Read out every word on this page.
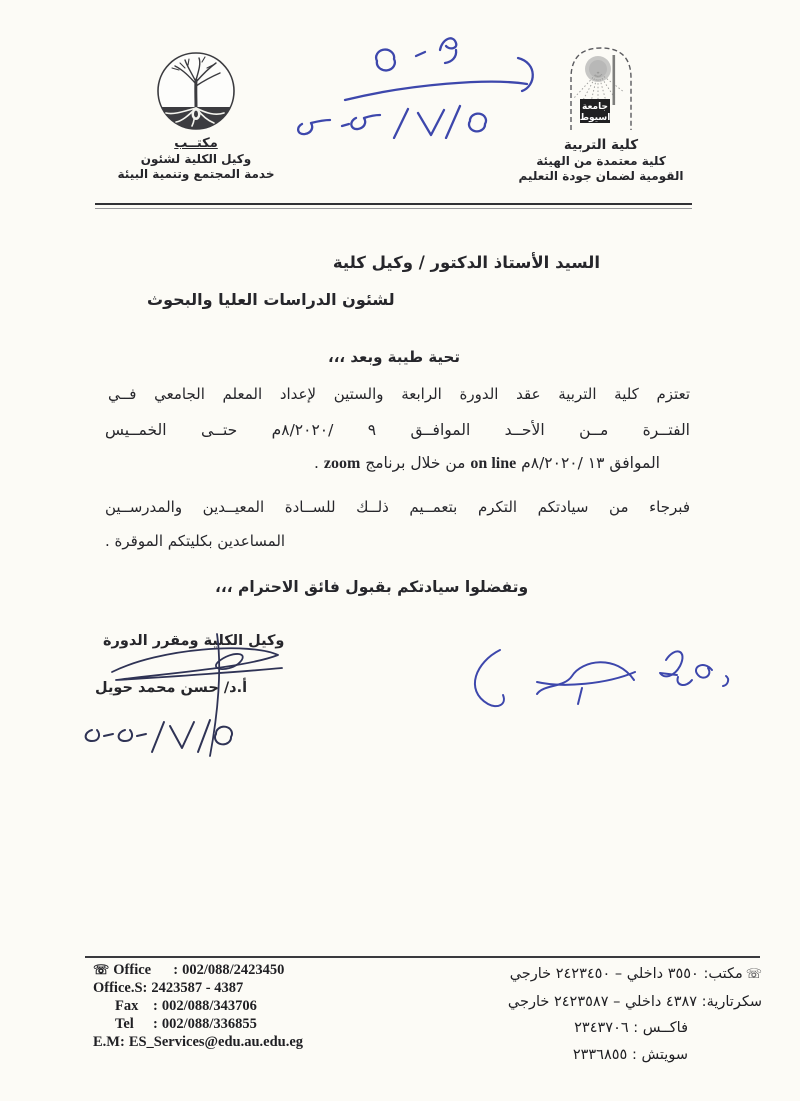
مكتــب
وكيل الكلية لشئون
خدمة المجتمع وتنمية البيئة
جامعة
اسيوط
كلية التربية
كلية معتمدة من الهيئة
القومية لضمان جودة التعليم
السيد الأستاذ الدكتور / وكيل كلية
لشئون الدراسات العليا والبحوث
تحية طيبة وبعد ،،،
تعتزم كلية التربية عقد الدورة الرابعة والستين لإعداد المعلم الجامعي فــي
الفتــرة مــن الأحــد الموافــق ٩ /٨/٢٠٢٠م حتــى الخمــيس
الموافق ١٣ /٨/٢٠٢٠م on line من خلال برنامج zoom .
فبرجاء من سيادتكم التكرم بتعمــيم ذلــك للســادة المعيــدين والمدرســين
المساعدين بكليتكم الموقرة .
وتفضلوا سيادتكم بقبول فائق الاحترام ،،،
وكيل الكلية ومقرر الدورة
أ.د/ حسن محمد حويل
☏ Office : 002/088/2423450
Office.S: 2423587 - 4387
Fax : 002/088/343706
Tel : 002/088/336855
E.M: ES_Services@edu.au.edu.eg
☏مكتب: ٣٥٥٠ داخلي – ٢٤٢٣٤٥٠ خارجي
سكرتارية: ٤٣٨٧ داخلي – ٢٤٢٣٥٨٧ خارجي
فاكــس : ٢٣٤٣٧٠٦
سويتش : ٢٣٣٦٨٥٥
